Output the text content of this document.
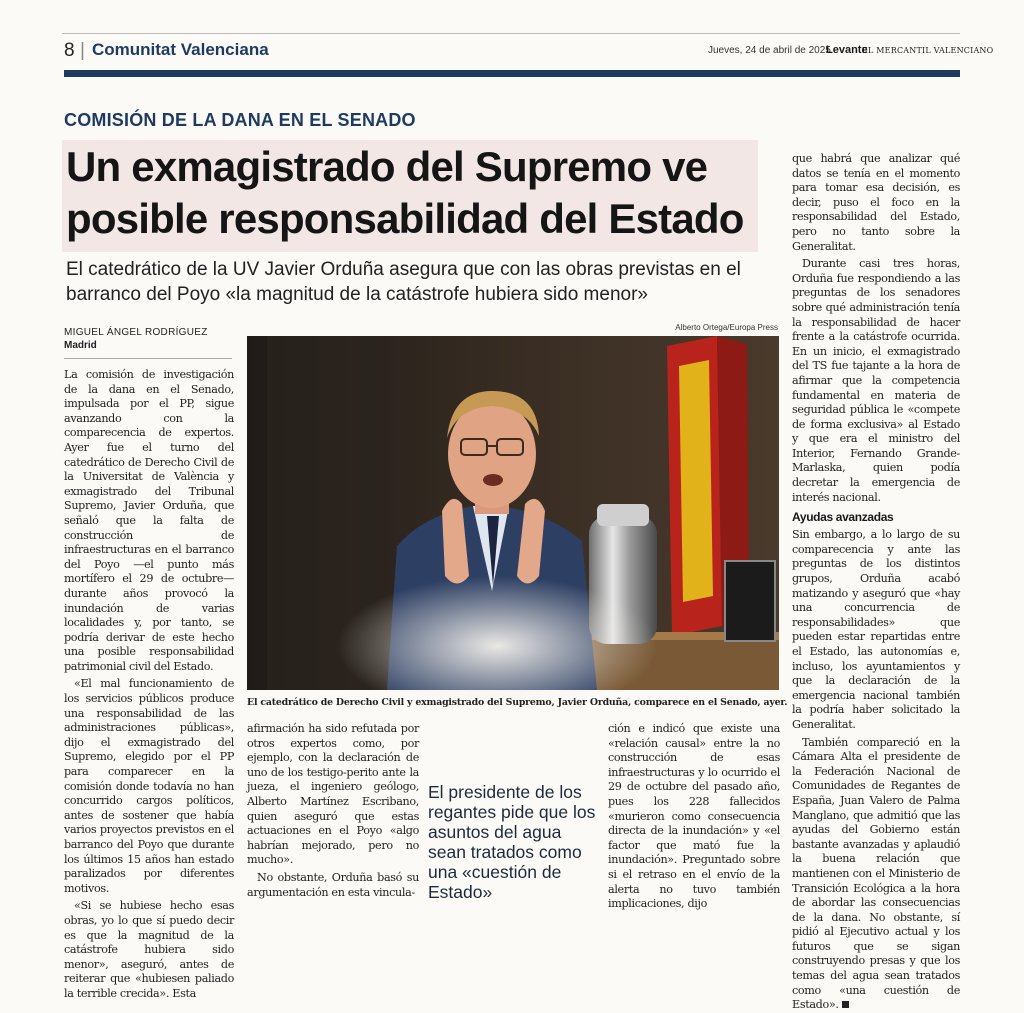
8 | Comunitat Valenciana	Jueves, 24 de abril de 2025
Levante
EL MERCANTIL VALENCIANO
COMISIÓN DE LA DANA EN EL SENADO
Un exmagistrado del Supremo ve posible responsabilidad del Estado
El catedrático de la UV Javier Orduña asegura que con las obras previstas en el barranco del Poyo «la magnitud de la catástrofe hubiera sido menor»
MIGUEL ÁNGEL RODRÍGUEZ
Madrid
Alberto Ortega/Europa Press

La comisión de investigación de la dana en el Senado, impulsada por el PP, sigue avanzando con la comparecencia de expertos. Ayer fue el turno del catedrático de Derecho Civil de la Universitat de València y exmagistrado del Tribunal Supremo, Javier Orduña, que señaló que la falta de construcción de infraestructuras en el barranco del Poyo —el punto más mortífero el 29 de octubre— durante años provocó la inundación de varias localidades y, por tanto, se podría derivar de este hecho una posible responsabilidad patrimonial civil del Estado.

«El mal funcionamiento de los servicios públicos produce una responsabilidad de las administraciones públicas», dijo el exmagistrado del Supremo, elegido por el PP para comparecer en la comisión donde todavía no han concurrido cargos políticos, antes de sostener que había varios proyectos previstos en el barranco del Poyo que durante los últimos 15 años han estado paralizados por diferentes motivos.

«Si se hubiese hecho esas obras, yo lo que sí puedo decir es que la magnitud de la catástrofe hubiera sido menor», aseguró, antes de reiterar que «hubiesen paliado la terrible crecida». Esta

El catedrático de Derecho Civil y exmagistrado del Supremo, Javier Orduña, comparece en el Senado, ayer.

afirmación ha sido refutada por otros expertos como, por ejemplo, con la declaración de uno de los testigo-perito ante la jueza, el ingeniero geólogo, Alberto Martínez Escribano, quien aseguró que estas actuaciones en el Poyo «algo habrían mejorado, pero no mucho».

No obstante, Orduña basó su argumentación en esta vincula-

El presidente de los regantes pide que los asuntos del agua sean tratados como una «cuestión de Estado»

ción e indicó que existe una «relación causal» entre la no construcción de esas infraestructuras y lo ocurrido el 29 de octubre del pasado año, pues los 228 fallecidos «murieron como consecuencia directa de la inundación» y «el factor que mató fue la inundación». Preguntado sobre si el retraso en el envío de la alerta no tuvo también implicaciones, dijo

que habrá que analizar qué datos se tenía en el momento para tomar esa decisión, es decir, puso el foco en la responsabilidad del Estado, pero no tanto sobre la Generalitat.

Durante casi tres horas, Orduña fue respondiendo a las preguntas de los senadores sobre qué administración tenía la responsabilidad de hacer frente a la catástrofe ocurrida. En un inicio, el exmagistrado del TS fue tajante a la hora de afirmar que la competencia fundamental en materia de seguridad pública le «compete de forma exclusiva» al Estado y que era el ministro del Interior, Fernando Grande-Marlaska, quien podía decretar la emergencia de interés nacional.

Ayudas avanzadas

Sin embargo, a lo largo de su comparecencia y ante las preguntas de los distintos grupos, Orduña acabó matizando y aseguró que «hay una concurrencia de responsabilidades» que pueden estar repartidas entre el Estado, las autonomías e, incluso, los ayuntamientos y que la declaración de la emergencia nacional también la podría haber solicitado la Generalitat.

También compareció en la Cámara Alta el presidente de la Federación Nacional de Comunidades de Regantes de España, Juan Valero de Palma Manglano, que admitió que las ayudas del Gobierno están bastante avanzadas y aplaudió la buena relación que mantienen con el Ministerio de Transición Ecológica a la hora de abordar las consecuencias de la dana. No obstante, sí pidió al Ejecutivo actual y los futuros que se sigan construyendo presas y que los temas del agua sean tratados como «una cuestión de Estado».
